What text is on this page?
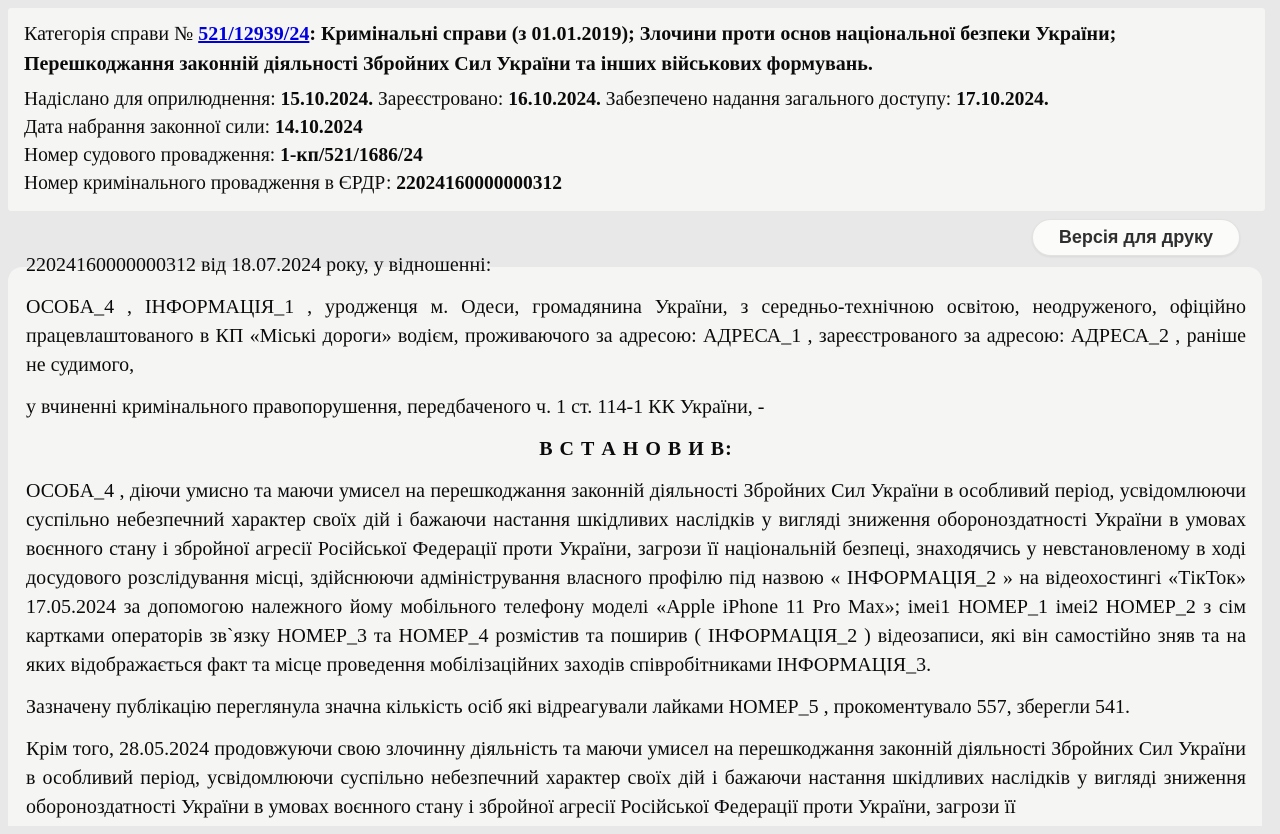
Категорія справи № 521/12939/24: Кримінальні справи (з 01.01.2019); Злочини проти основ національної безпеки України; Перешкоджання законній діяльності Збройних Сил України та інших військових формувань.

Надіслано для оприлюднення: 15.10.2024. Зареєстровано: 16.10.2024. Забезпечено надання загального доступу: 17.10.2024.

Дата набрання законної сили: 14.10.2024

Номер судового провадження: 1-кп/521/1686/24

Номер кримінального провадження в ЄРДР: 22024160000000312

Версія для друку

22024160000000312 від 18.07.2024 року, у відношенні:

ОСОБА_4 , ІНФОРМАЦІЯ_1 , уродженця м. Одеси, громадянина України, з середньо-технічною освітою, неодруженого, офіційно працевлаштованого в КП «Міські дороги» водієм, проживаючого за адресою: АДРЕСА_1 , зареєстрованого за адресою: АДРЕСА_2 , раніше не судимого,

у вчиненні кримінального правопорушення, передбаченого ч. 1 ст. 114-1 КК України, -

В С Т А Н О В И В:

ОСОБА_4 , діючи умисно та маючи умисел на перешкоджання законній діяльності Збройних Сил України в особливий період, усвідомлюючи суспільно небезпечний характер своїх дій і бажаючи настання шкідливих наслідків у вигляді зниження обороноздатності України в умовах воєнного стану і збройної агресії Російської Федерації проти України, загрози її національній безпеці, знаходячись у невстановленому в ході досудового розслідування місці, здійснюючи адміністрування власного профілю під назвою « ІНФОРМАЦІЯ_2 » на відеохостингі «ТікТок» 17.05.2024 за допомогою належного йому мобільного телефону моделі «Apple iPhone 11 Pro Max»; імеі1 НОМЕР_1 імеі2 НОМЕР_2 з сім картками операторів зв`язку НОМЕР_3 та НОМЕР_4 розмістив та поширив ( ІНФОРМАЦІЯ_2 ) відеозаписи, які він самостійно зняв та на яких відображається факт та місце проведення мобілізаційних заходів співробітниками ІНФОРМАЦІЯ_3.

Зазначену публікацію переглянула значна кількість осіб які відреагували лайками НОМЕР_5 , прокоментувало 557, зберегли 541.

Крім того, 28.05.2024 продовжуючи свою злочинну діяльність та маючи умисел на перешкоджання законній діяльності Збройних Сил України в особливий період, усвідомлюючи суспільно небезпечний характер своїх дій і бажаючи настання шкідливих наслідків у вигляді зниження обороноздатності України в умовах воєнного стану і збройної агресії Російської Федерації проти України, загрози її
